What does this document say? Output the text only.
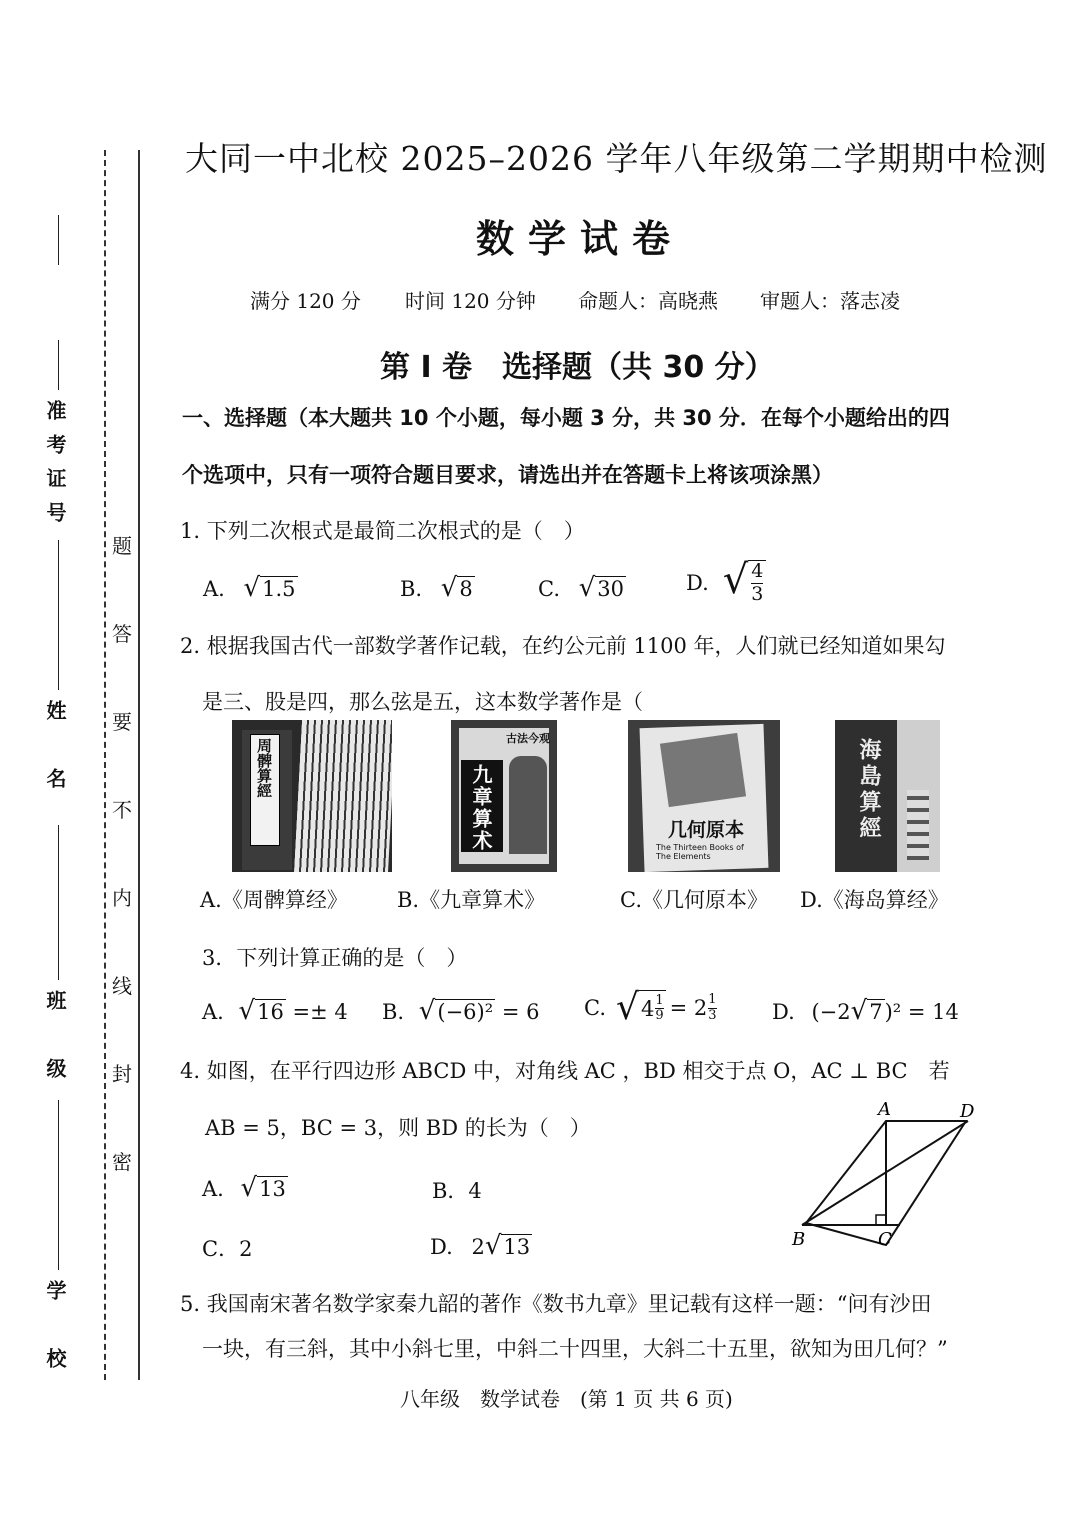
准考证号
姓　名
班　级
学　校
题
答
要
不
内
线
封
密
大同一中北校 2025–2026 学年八年级第二学期期中检测
数学试卷
满分 120 分 时间 120 分钟 命题人：高晓燕 审题人：落志凌
第 I 卷　选择题（共 30 分）
一、选择题（本大题共 10 个小题，每小题 3 分，共 30 分．在每个小题给出的四
个选项中，只有一项符合题目要求，请选出并在答题卡上将该项涂黑）
1. 下列二次根式是最简二次根式的是（　）
A. √ 1.5	B. √ 8	C. √ 30	D. √ $\frac{4}{3}$
2. 根据我国古代一部数学著作记载，在约公元前 1100 年，人们就已经知道如果勾
是三、股是四，那么弦是五，这本数学著作是（
周髀算經	古法今观
九章算术	几何原本
The Thirteen Books of The Elements
海島算經
A.《周髀算经》 B.《九章算术》	C.《几何原本》 D.《海岛算经》
3．下列计算正确的是（　）
A. √ 16 =± 4 B. √ (−6)² = 6 C. √ $4 \frac{1}{9} = 2 \frac{1}{3}$	D. (−2 √ 7 )² = 14
4. 如图，在平行四边形 ABCD 中，对角线 AC ，BD 相交于点 O，AC ⊥ BC　若
AB = 5，BC = 3，则 BD 的长为（　）
A. √ 13	B．4
C．2	D. 2 √ 13
A	D
B	C
5. 我国南宋著名数学家秦九韶的著作《数书九章》里记载有这样一题：“问有沙田
一块，有三斜，其中小斜七里，中斜二十四里，大斜二十五里，欲知为田几何？”
八年级　数学试卷　(第 1 页 共 6 页)
